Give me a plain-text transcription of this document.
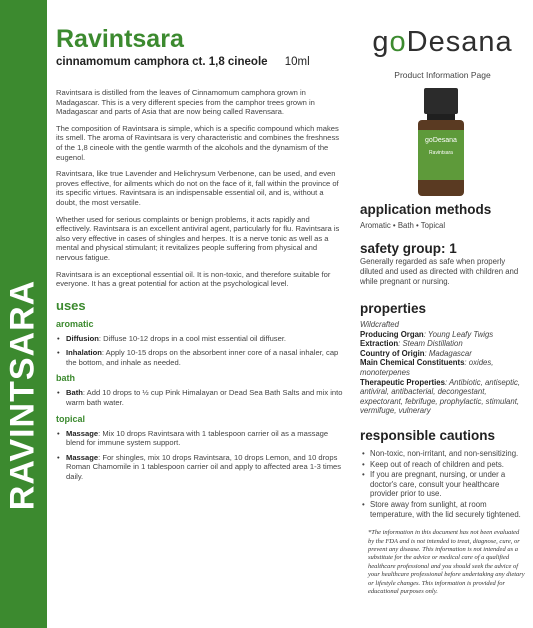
RAVINTSARA
Ravintsara
cinnamomum camphora ct. 1,8 cineole 10ml

Ravintsara is distilled from the leaves of Cinnamomum camphora grown in Madagascar. This is a very different species from the camphor trees grown in Madagascar and parts of Asia that are now being called Ravensara.

The composition of Ravintsara is simple, which is a specific compound which makes its smell. The aroma of Ravintsara is very characteristic and combines the freshness of the 1,8 cineole with the gentle warmth of the alcohols and the dynamism of the eugenol.

Ravintsara, like true Lavender and Helichrysum Verbenone, can be used, and even proves effective, for ailments which do not on the face of it, fall within the province of its specific virtues. Ravintsara is an indispensable essential oil, and is, without a doubt, the most versatile.

Whether used for serious complaints or benign problems, it acts rapidly and effectively. Ravintsara is an excellent antiviral agent, particularly for flu. Ravintsara is also very effective in cases of shingles and herpes. It is a nerve tonic as well as a mental and physical stimulant; it revitalizes people suffering from physical and nervous fatigue.

Ravintsara is an exceptional essential oil. It is non-toxic, and therefore suitable for everyone. It has a great potential for action at the psychological level.

uses
aromatic
• Diffusion: Diffuse 10-12 drops in a cool mist essential oil diffuser.
• Inhalation: Apply 10-15 drops on the absorbent inner core of a nasal inhaler, cap the bottom, and inhale as needed.
bath
• Bath: Add 10 drops to ½ cup Pink Himalayan or Dead Sea Bath Salts and mix into warm bath water.
topical
• Massage: Mix 10 drops Ravintsara with 1 tablespoon carrier oil as a massage blend for immune system support.
• Massage: For shingles, mix 10 drops Ravintsara, 10 drops Lemon, and 10 drops Roman Chamomile in 1 tablespoon carrier oil and apply to affected area 1-3 times daily.
goDesana
Product Information Page
goDesana
Ravintsara
application methods
Aromatic • Bath • Topical
safety group: 1
Generally regarded as safe when properly diluted and used as directed with children and while pregnant or nursing.
properties
Wildcrafted
Producing Organ: Young Leafy Twigs
Extraction: Steam Distillation
Country of Origin: Madagascar
Main Chemical Constituents: oxides, monoterpenes
Therapeutic Properties: Antibiotic, antiseptic, antiviral, antibacterial, decongestant, expectorant, febrifuge, prophylactic, stimulant, vermifuge, vulnerary
responsible cautions
• Non-toxic, non-irritant, and non-sensitizing.
• Keep out of reach of children and pets.
• If you are pregnant, nursing, or under a doctor's care, consult your healthcare provider prior to use.
• Store away from sunlight, at room temperature, with the lid securely tightened.
*The information in this document has not been evaluated by the FDA and is not intended to treat, diagnose, cure, or prevent any disease. This information is not intended as a substitute for the advice or medical care of a qualified healthcare professional and you should seek the advice of your healthcare professional before undertaking any dietary or lifestyle changes. This information is provided for educational purposes only.
